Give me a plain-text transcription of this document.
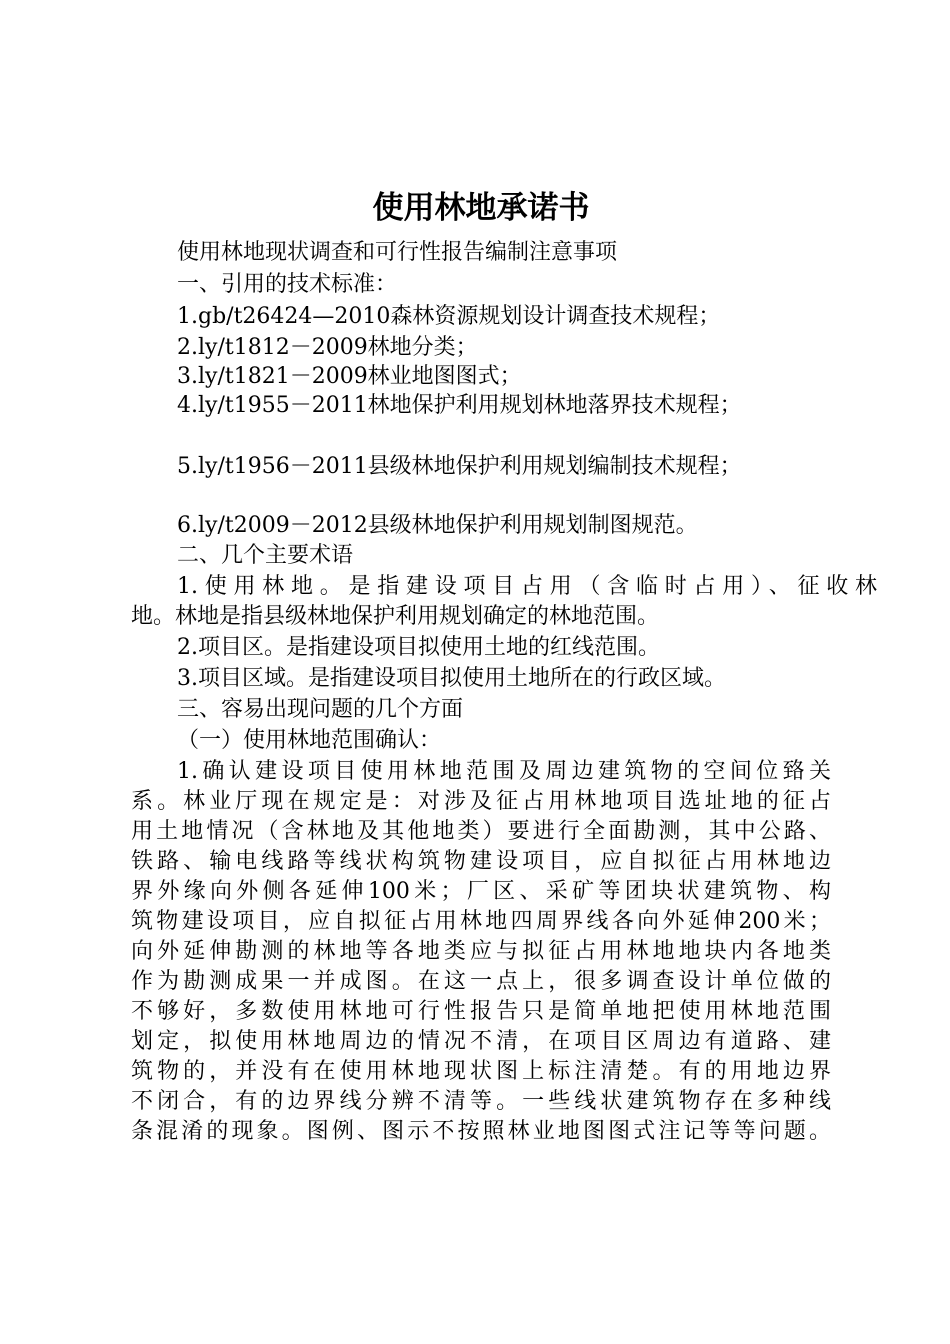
使用林地承诺书

使用林地现状调查和可行性报告编制注意事项

一、引用的技术标准：

1.gb/t26424—2010森林资源规划设计调查技术规程；

2.ly/t1812－2009林地分类；

3.ly/t1821－2009林业地图图式；

4.ly/t1955－2011林地保护利用规划林地落界技术规程；

5.ly/t1956－2011县级林地保护利用规划编制技术规程；

6.ly/t2009－2012县级林地保护利用规划制图规范。

二、几个主要术语

1.使用林地。是指建设项目占用（含临时占用）、征收林

地。林地是指县级林地保护利用规划确定的林地范围。

2.项目区。是指建设项目拟使用土地的红线范围。

3.项目区域。是指建设项目拟使用土地所在的行政区域。

三、容易出现问题的几个方面

（一）使用林地范围确认：

1.确认建设项目使用林地范围及周边建筑物的空间位臵关
系。林业厅现在规定是：对涉及征占用林地项目选址地的征占
用土地情况（含林地及其他地类）要进行全面勘测，其中公路、
铁路、输电线路等线状构筑物建设项目，应自拟征占用林地边
界外缘向外侧各延伸100米；厂区、采矿等团块状建筑物、构
筑物建设项目，应自拟征占用林地四周界线各向外延伸200米；
向外延伸勘测的林地等各地类应与拟征占用林地地块内各地类
作为勘测成果一并成图。在这一点上，很多调查设计单位做的
不够好，多数使用林地可行性报告只是简单地把使用林地范围
划定，拟使用林地周边的情况不清，在项目区周边有道路、建
筑物的，并没有在使用林地现状图上标注清楚。有的用地边界
不闭合，有的边界线分辨不清等。一些线状建筑物存在多种线
条混淆的现象。图例、图示不按照林业地图图式注记等等问题。
